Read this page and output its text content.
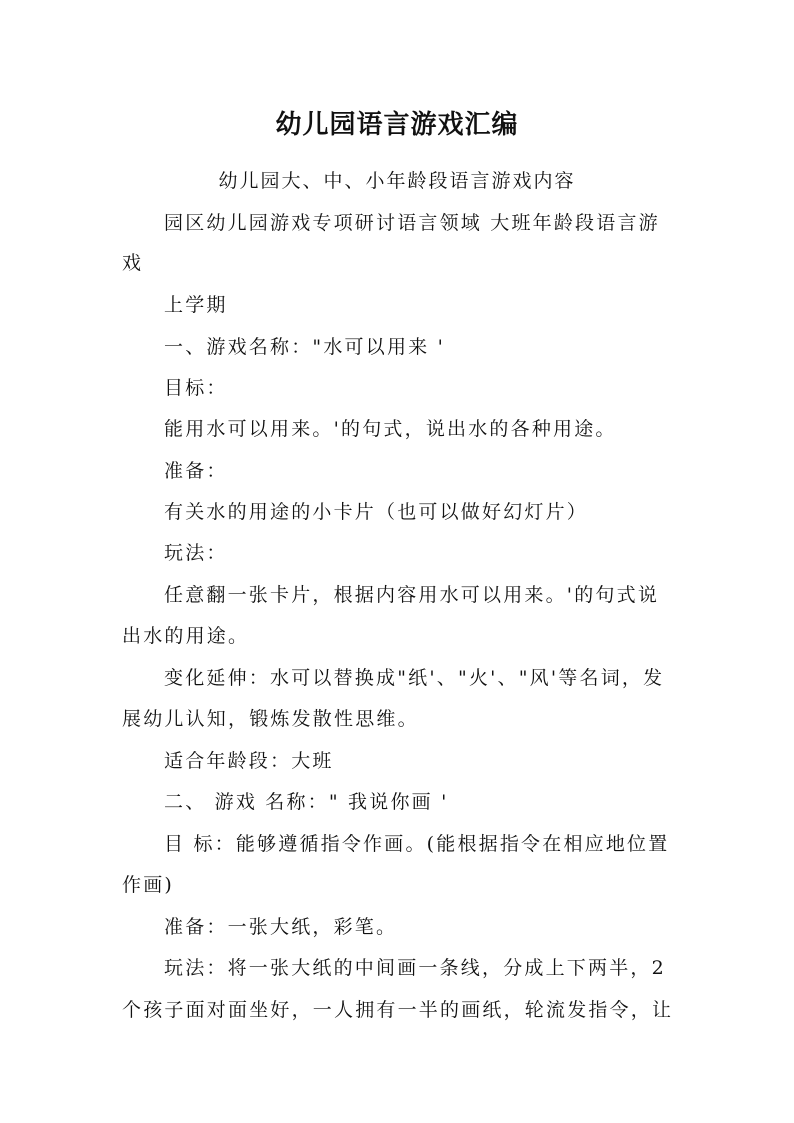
幼儿园语言游戏汇编
幼儿园大、中、小年龄段语言游戏内容
园区幼儿园游戏专项研讨语言领域 大班年龄段语言游
戏
上学期
一、游戏名称："水可以用来 '
目标：
能用水可以用来。'的句式，说出水的各种用途。
准备：
有关水的用途的小卡片（也可以做好幻灯片）
玩法：
任意翻一张卡片，根据内容用水可以用来。'的句式说
出水的用途。
变化延伸：水可以替换成"纸'、"火'、"风'等名词，发
展幼儿认知，锻炼发散性思维。
适合年龄段：大班
二、 游戏 名称：" 我说你画 '
目 标：能够遵循指令作画。(能根据指令在相应地位置
作画)
准备：一张大纸，彩笔。
玩法：将一张大纸的中间画一条线，分成上下两半，2
个孩子面对面坐好，一人拥有一半的画纸，轮流发指令，让
